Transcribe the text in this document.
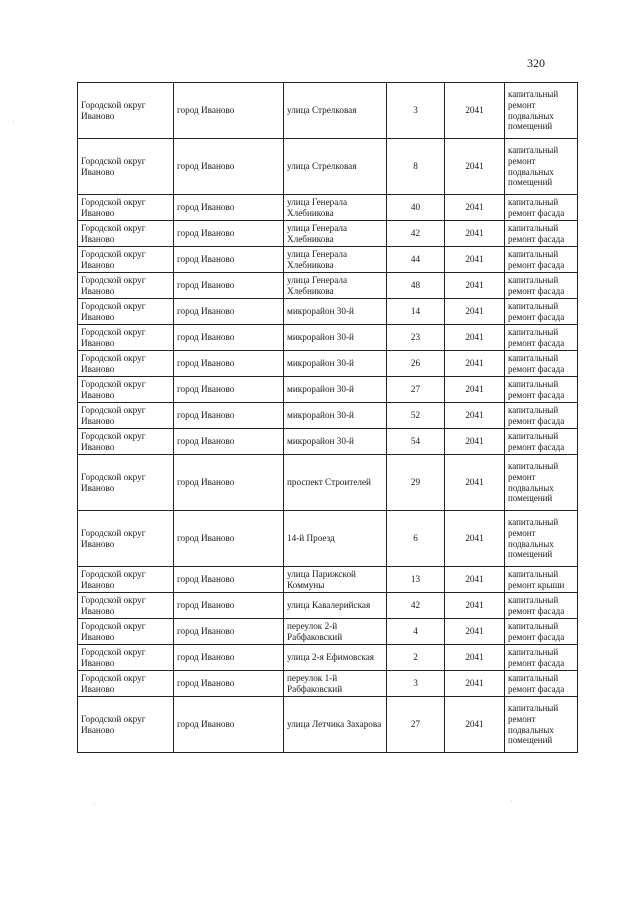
320
Городской округ Иваново	город Иваново	улица Стрелковая	3	2041	капитальный ремонт подвальных помещений
Городской округ Иваново	город Иваново	улица Стрелковая	8	2041	капитальный ремонт подвальных помещений
Городской округ Иваново	город Иваново	улица Генерала Хлебникова	40	2041	капитальный ремонт фасада
Городской округ Иваново	город Иваново	улица Генерала Хлебникова	42	2041	капитальный ремонт фасада
Городской округ Иваново	город Иваново	улица Генерала Хлебникова	44	2041	капитальный ремонт фасада
Городской округ Иваново	город Иваново	улица Генерала Хлебникова	48	2041	капитальный ремонт фасада
Городской округ Иваново	город Иваново	микрорайон 30-й	14	2041	капитальный ремонт фасада
Городской округ Иваново	город Иваново	микрорайон 30-й	23	2041	капитальный ремонт фасада
Городской округ Иваново	город Иваново	микрорайон 30-й	26	2041	капитальный ремонт фасада
Городской округ Иваново	город Иваново	микрорайон 30-й	27	2041	капитальный ремонт фасада
Городской округ Иваново	город Иваново	микрорайон 30-й	52	2041	капитальный ремонт фасада
Городской округ Иваново	город Иваново	микрорайон 30-й	54	2041	капитальный ремонт фасада
Городской округ Иваново	город Иваново	проспект Строителей	29	2041	капитальный ремонт подвальных помещений
Городской округ Иваново	город Иваново	14-й Проезд	6	2041	капитальный ремонт подвальных помещений
Городской округ Иваново	город Иваново	улица Парижской Коммуны	13	2041	капитальный ремонт крыши
Городской округ Иваново	город Иваново	улица Кавалерийская	42	2041	капитальный ремонт фасада
Городской округ Иваново	город Иваново	переулок 2-й Рабфаковский	4	2041	капитальный ремонт фасада
Городской округ Иваново	город Иваново	улица 2-я Ефимовская	2	2041	капитальный ремонт фасада
Городской округ Иваново	город Иваново	переулок 1-й Рабфаковский	3	2041	капитальный ремонт фасада
Городской округ Иваново	город Иваново	улица Летчика Захарова	27	2041	капитальный ремонт подвальных помещений
·
·	·
